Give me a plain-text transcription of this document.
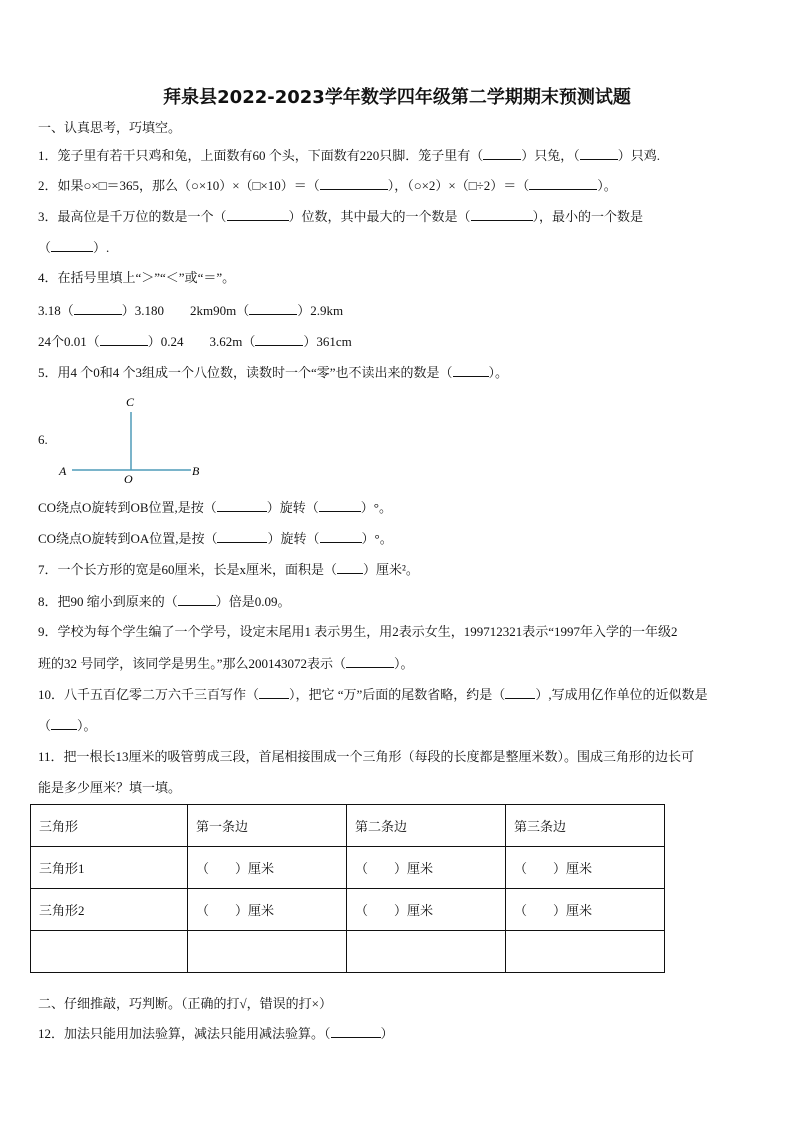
拜泉县2022-2023学年数学四年级第二学期期末预测试题
一、认真思考，巧填空。
1．笼子里有若干只鸡和兔，上面数有60 个头，下面数有220只脚．笼子里有（	）只兔，（	）只鸡.
2．如果○×□＝365，那么（○×10）×（□×10）＝（	），（○×2）×（□÷2）＝（	）。
3．最高位是千万位的数是一个（	）位数，其中最大的一个数是（	），最小的一个数是
（	）.
4．在括号里填上“＞”“＜”或“＝”。
3.18（	）3.180　　2km90m（	）2.9km
24个0.01（	）0.24　　3.62m（	）361cm
5．用4 个0和4 个3组成一个八位数，读数时一个“零”也不读出来的数是（	）。
6.
C
A
O
B
CO绕点O旋转到OB位置,是按（	）旋转（	）°。
CO绕点O旋转到OA位置,是按（	）旋转（	）°。
7．一个长方形的宽是60厘米，长是x厘米，面积是（ ）厘米²。
8．把90 缩小到原来的（	）倍是0.09。
9．学校为每个学生编了一个学号，设定末尾用1 表示男生，用2表示女生，199712321表示“1997年入学的一年级2
班的32 号同学，该同学是男生。”那么200143072表示（	）。
10．八千五百亿零二万六千三百写作（ ），把它 “万”后面的尾数省略，约是（ ）,写成用亿作单位的近似数是
（ ）。
11．把一根长13厘米的吸管剪成三段，首尾相接围成一个三角形（每段的长度都是整厘米数）。围成三角形的边长可
能是多少厘米？填一填。
三角形	第一条边	第二条边	第三条边
三角形1	（　　）厘米	（　　）厘米	（　　）厘米
三角形2	（　　）厘米	（　　）厘米	（　　）厘米

二、仔细推敲，巧判断。（正确的打√，错误的打×）
12．加法只能用加法验算，减法只能用减法验算。（	）
